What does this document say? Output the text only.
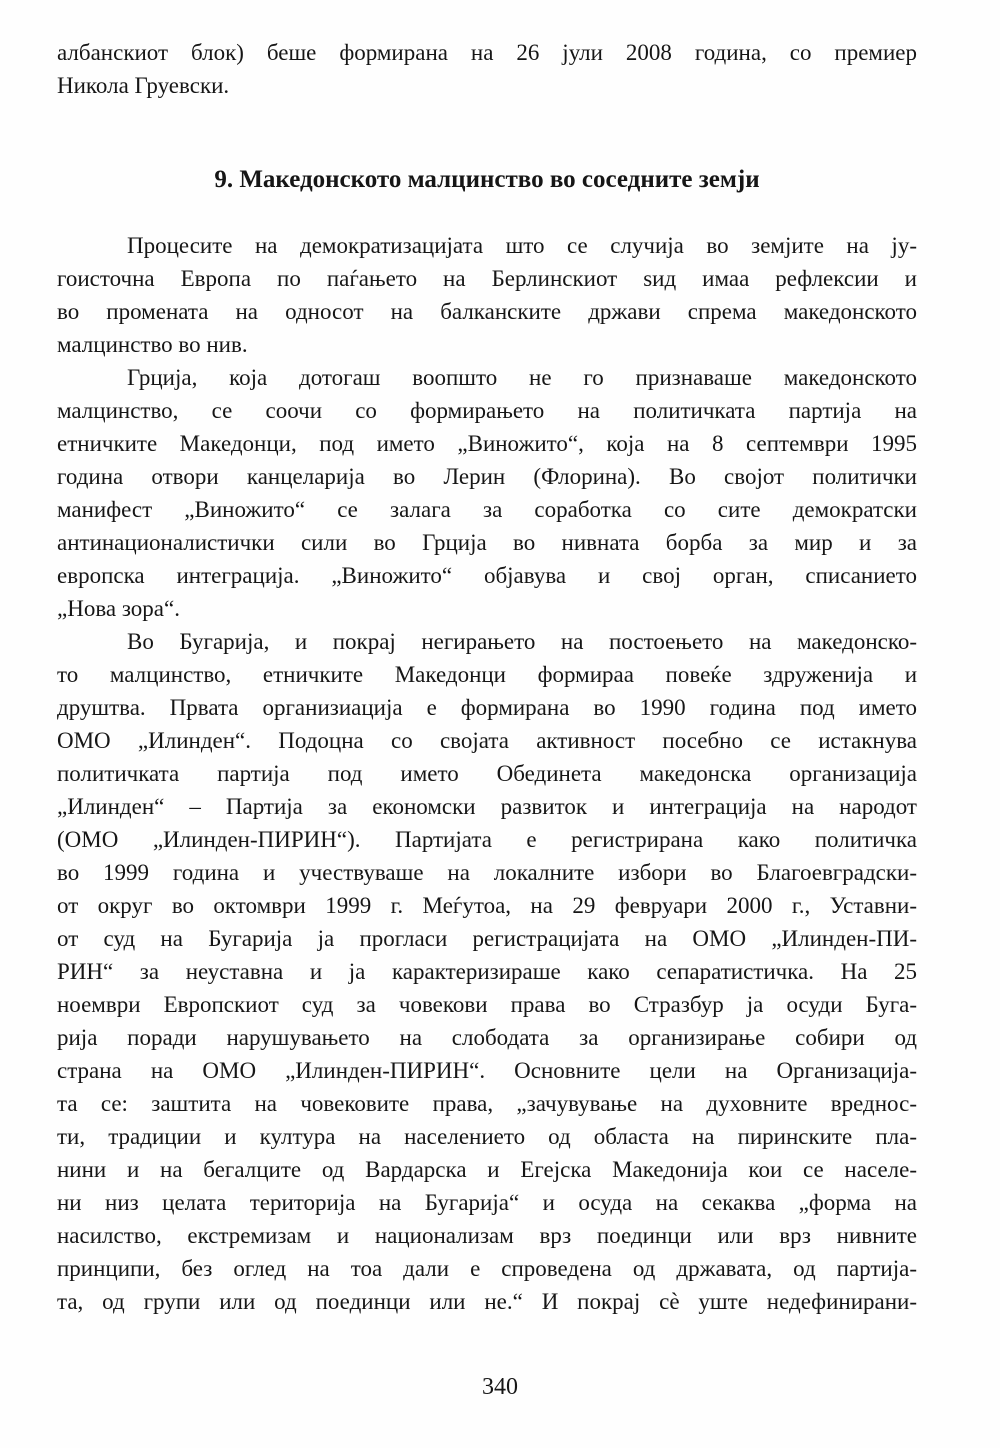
албанскиот блок) беше формирана на 26 јули 2008 година, со премиер
Никола Груевски.
9. Македонското малцинство во соседните земји
Процесите на демократизацијата што се случија во земјите на ју-
гоисточна Европа по паѓањето на Берлинскиот ѕид имаа рефлексии и
во промената на односот на балканските држави спрема македонското
малцинство во нив.
Грција, која дотогаш воопшто не го признаваше македонското
малцинство, се соочи со формирањето на политичката партија на
етничките Македонци, под името „Виножито“, која на 8 септември 1995
година отвори канцеларија во Лерин (Флорина). Во својот политички
манифест „Виножито“ се залага за соработка со сите демократски
антинационалистички сили во Грција во нивната борба за мир и за
европска интеграција. „Виножито“ објавува и свој орган, списанието
„Нова зора“.
Во Бугарија, и покрај негирањето на постоењето на македонско-
то малцинство, етничките Македонци формираа повеќе здруженија и
друштва. Првата организиација е формирана во 1990 година под името
ОМО „Илинден“. Подоцна со својата активност посебно се истакнува
политичката партија под името Обединета македонска организација
„Илинден“ – Партија за економски развиток и интеграција на народот
(ОМО „Илинден-ПИРИН“). Партијата е регистрирана како политичка
во 1999 година и учествуваше на локалните избори во Благоевградски-
от округ во октомври 1999 г. Меѓутоа, на 29 февруари 2000 г., Уставни-
от суд на Бугарија ја прогласи регистрацијата на ОМО „Илинден-ПИ-
РИН“ за неуставна и ја карактеризираше како сепаратистичка. На 25
ноември Европскиот суд за човекови права во Стразбур ја осуди Буга-
рија поради нарушувањето на слободата за организирање собири од
страна на ОМО „Илинден-ПИРИН“. Основните цели на Организација-
та се: заштита на човековите права, „зачувување на духовните вреднос-
ти, традиции и култура на населението од областа на пиринските пла-
нини и на бегалците од Вардарска и Егејска Македонија кои се населе-
ни низ целата територија на Бугарија“ и осуда на секаква „форма на
насилство, екстремизам и национализам врз поединци или врз нивните
принципи, без оглед на тоа дали е спроведена од државата, од партија-
та, од групи или од поединци или не.“ И покрај сѐ уште недефинирани-
340
